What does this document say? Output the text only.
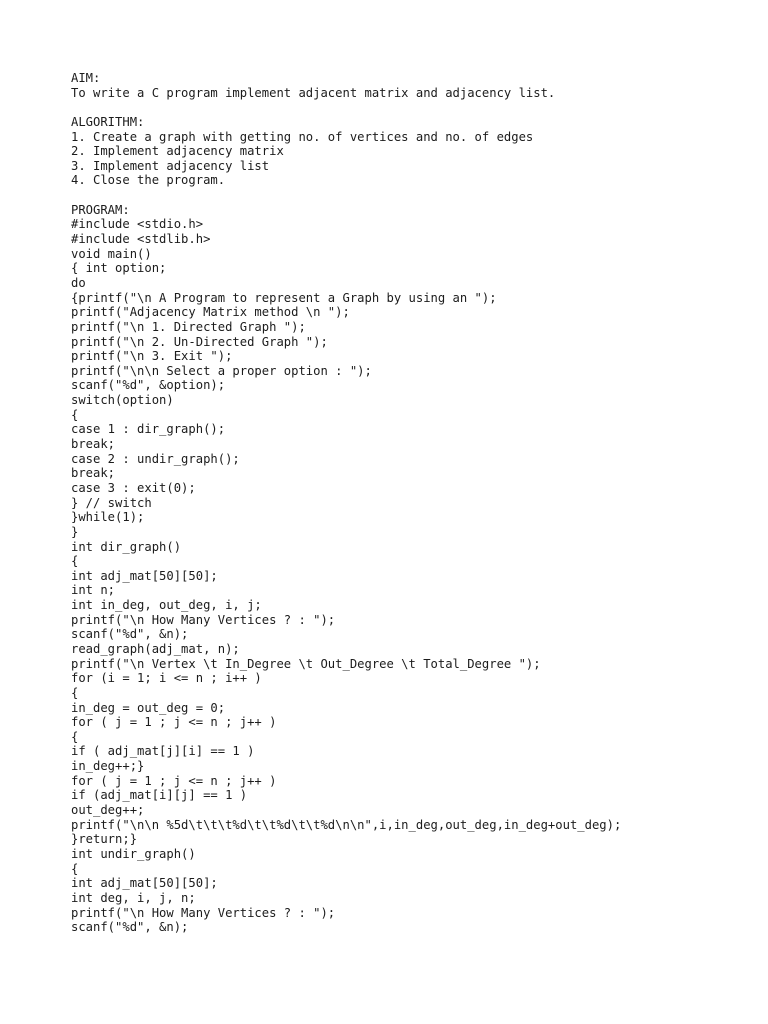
AIM:
To write a C program implement adjacent matrix and adjacency list.
ALGORITHM:
1. Create a graph with getting no. of vertices and no. of edges
2. Implement adjacency matrix
3. Implement adjacency list
4. Close the program.
PROGRAM:
#include <stdio.h>
#include <stdlib.h>
void main()
{ int option;
do
{printf("\n A Program to represent a Graph by using an ");
printf("Adjacency Matrix method \n ");
printf("\n 1. Directed Graph ");
printf("\n 2. Un-Directed Graph ");
printf("\n 3. Exit ");
printf("\n\n Select a proper option : ");
scanf("%d", &option);
switch(option)
{
case 1 : dir_graph();
break;
case 2 : undir_graph();
break;
case 3 : exit(0);
} // switch
}while(1);
}
int dir_graph()
{
int adj_mat[50][50];
int n;
int in_deg, out_deg, i, j;
printf("\n How Many Vertices ? : ");
scanf("%d", &n);
read_graph(adj_mat, n);
printf("\n Vertex \t In_Degree \t Out_Degree \t Total_Degree ");
for (i = 1; i <= n ; i++ )
{
in_deg = out_deg = 0;
for ( j = 1 ; j <= n ; j++ )
{
if ( adj_mat[j][i] == 1 )
in_deg++;}
for ( j = 1 ; j <= n ; j++ )
if (adj_mat[i][j] == 1 )
out_deg++;
printf("\n\n %5d\t\t\t%d\t\t%d\t\t%d\n\n",i,in_deg,out_deg,in_deg+out_deg);
}return;}
int undir_graph()
{
int adj_mat[50][50];
int deg, i, j, n;
printf("\n How Many Vertices ? : ");
scanf("%d", &n);
